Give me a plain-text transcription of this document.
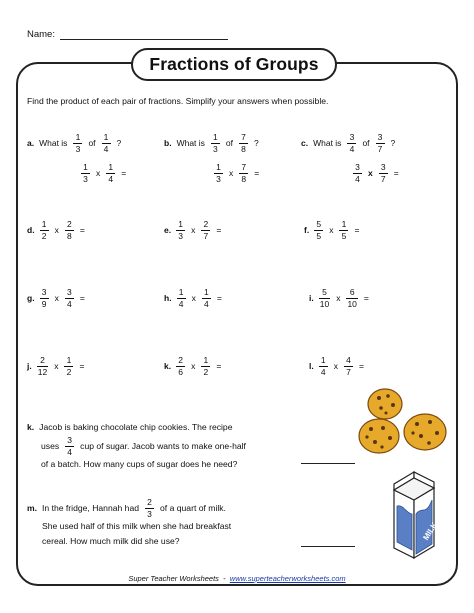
Name:
Fractions of Groups
Find the product of each pair of fractions. Simplify your answers when possible.
a. What is $\frac{1}{3}$ of $\frac{1}{4}$ ?
$\frac{1}{3}$ x $\frac{1}{4}$ =
b. What is $\frac{1}{3}$ of $\frac{7}{8}$ ?
$\frac{1}{3}$ x $\frac{7}{8}$ =
c. What is $\frac{3}{4}$ of $\frac{3}{7}$ ?
$\frac{3}{4}$ x $\frac{3}{7}$ =
d. $\frac{1}{2}$ x $\frac{2}{8}$ =	e. $\frac{1}{3}$ x $\frac{2}{7}$ =	f. $\frac{5}{5}$ x $\frac{1}{5}$ =
g. $\frac{3}{9}$ x $\frac{3}{4}$ =	h. $\frac{1}{4}$ x $\frac{1}{4}$ =	i. $\frac{5}{10}$ x $\frac{6}{10}$ =
j. $\frac{2}{12}$ x $\frac{1}{2}$ =	k. $\frac{2}{6}$ x $\frac{1}{2}$ =	l. $\frac{1}{4}$ x $\frac{4}{7}$ =
k. Jacob is baking chocolate chip cookies. The recipe
uses $\frac{3}{4}$ cup of sugar. Jacob wants to make one-half
of a batch. How many cups of sugar does he need?
MILK
m. In the fridge, Hannah had $\frac{2}{3}$ of a quart of milk.
She used half of this milk when she had breakfast
cereal. How much milk did she use?
Super Teacher Worksheets - www.superteacherworksheets.com
